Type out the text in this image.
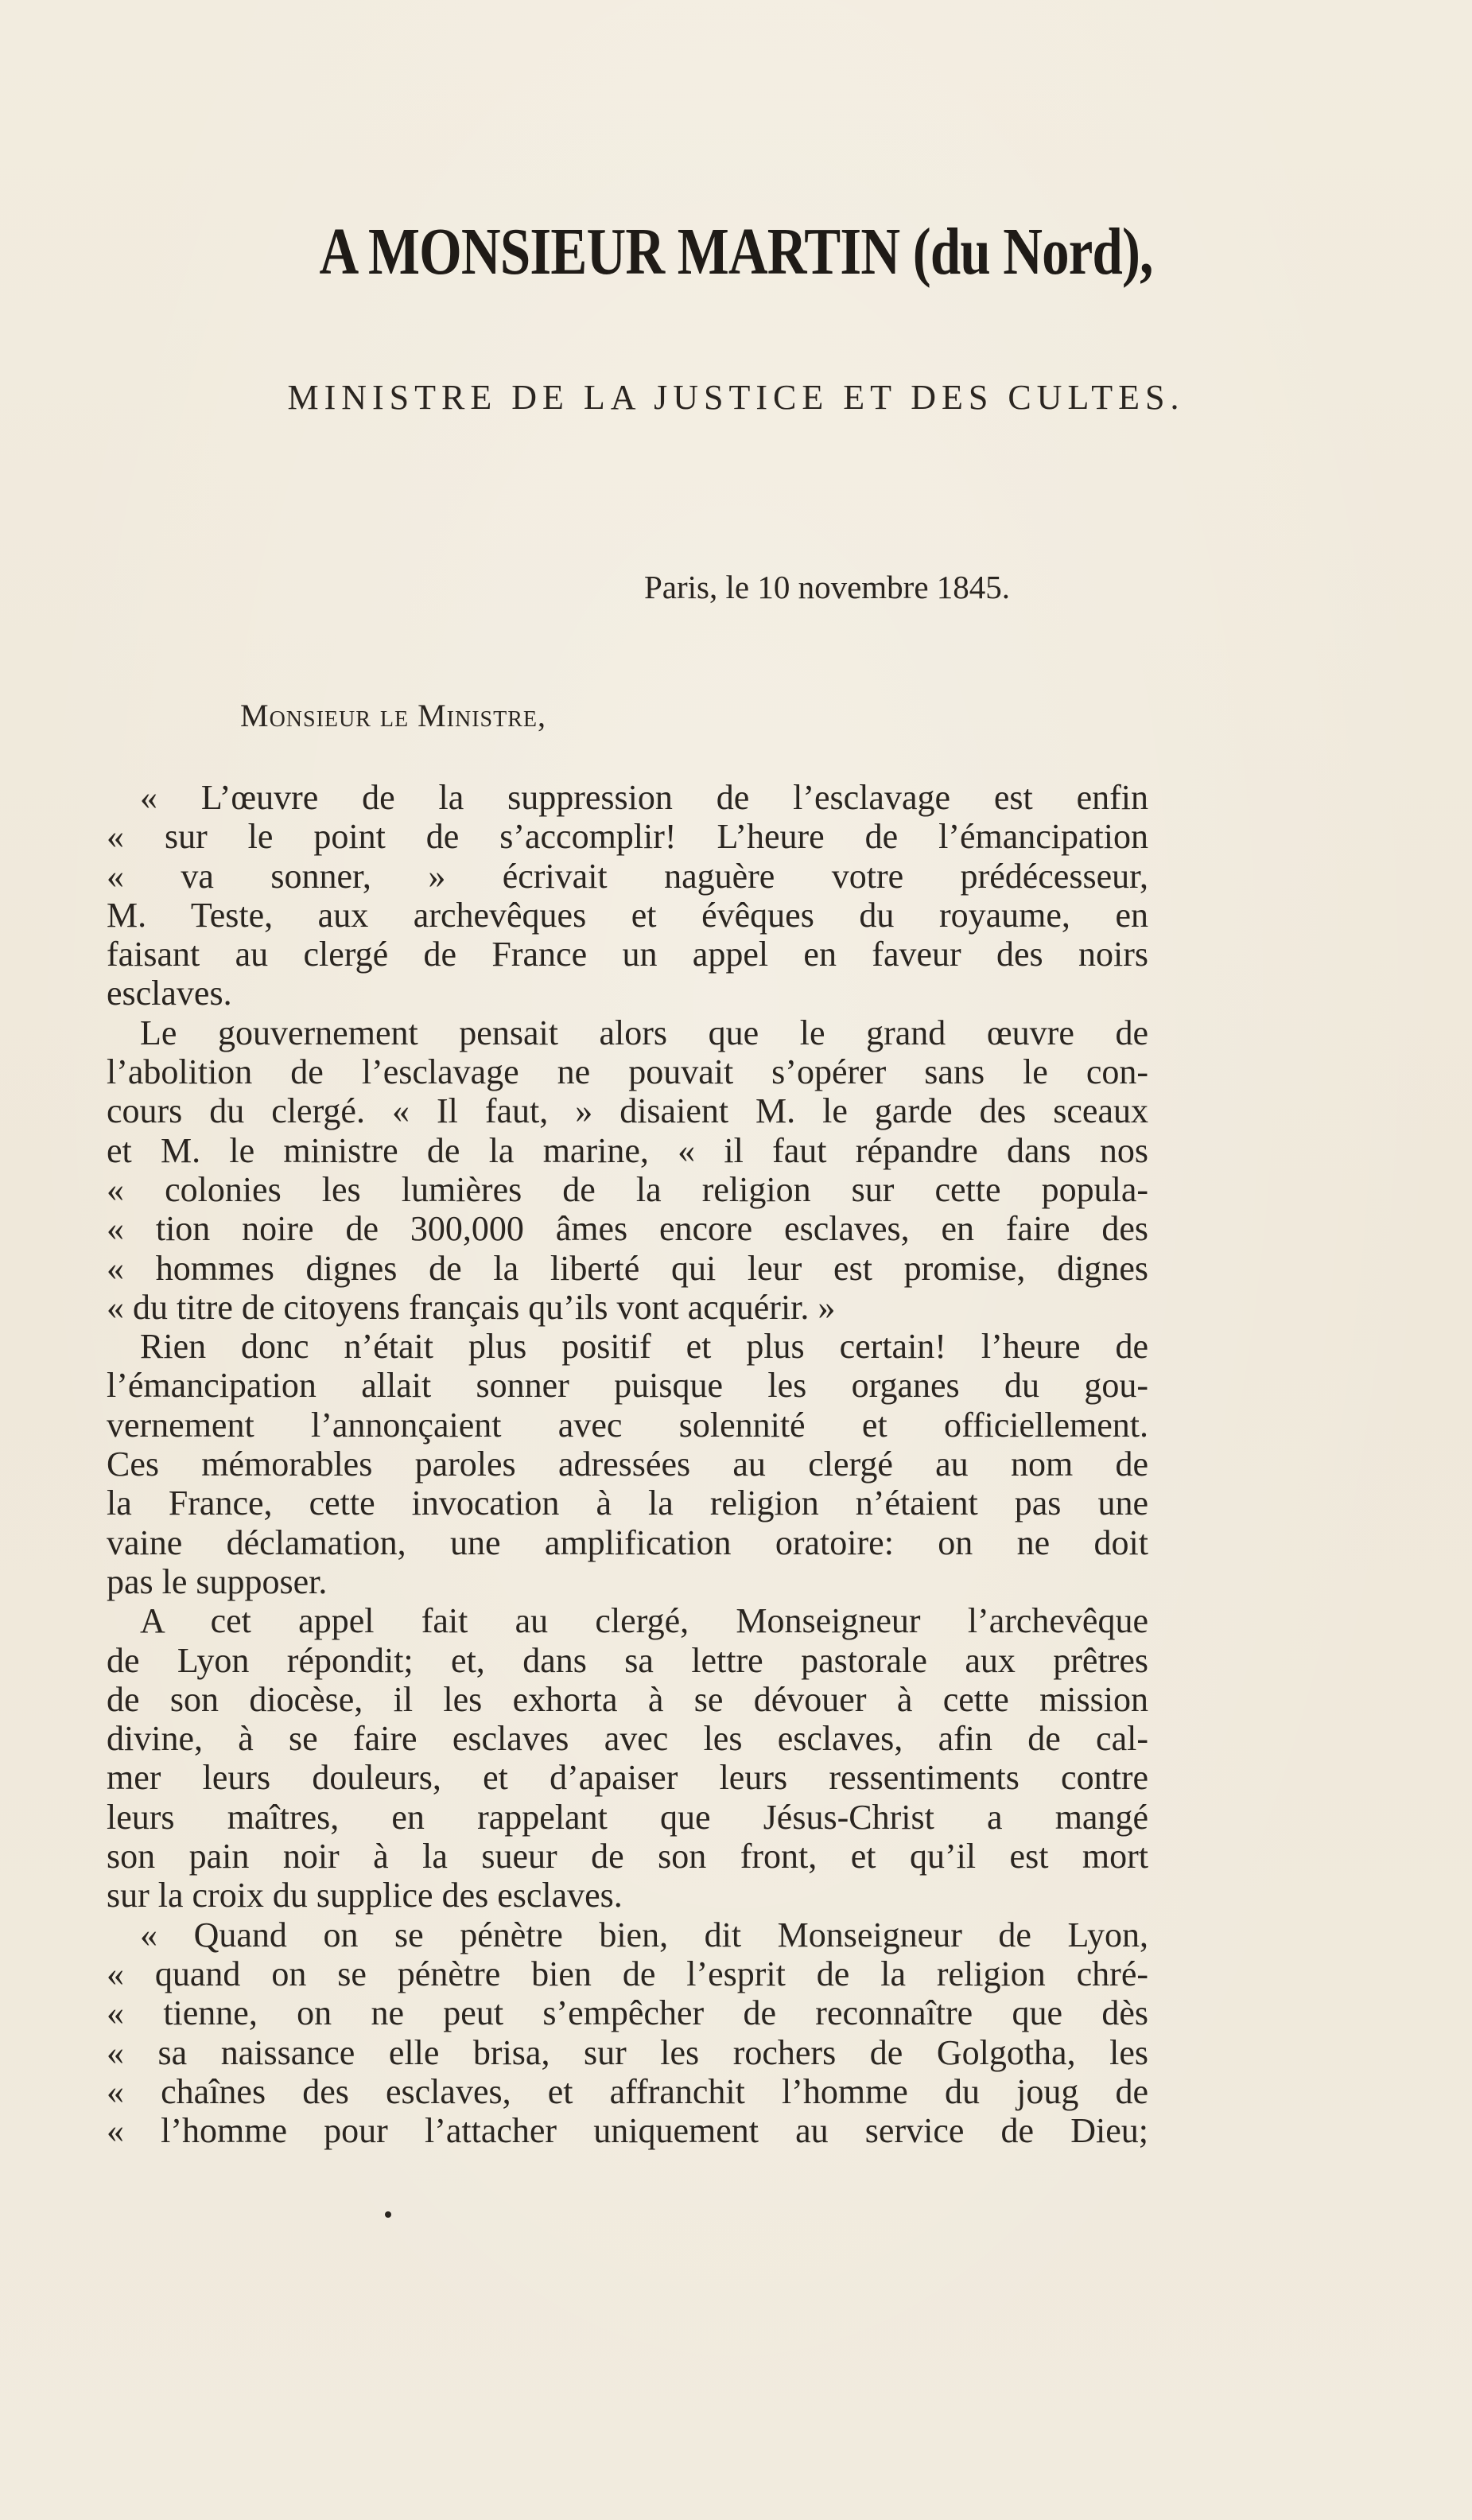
A MONSIEUR MARTIN (du Nord),
MINISTRE DE LA JUSTICE ET DES CULTES.
Paris, le 10 novembre 1845.
Monsieur le Ministre,
« L’œuvre de la suppression de l’esclavage est enfin
« sur le point de s’accomplir! L’heure de l’émancipation
« va sonner, » écrivait naguère votre prédécesseur,
M. Teste, aux archevêques et évêques du royaume, en
faisant au clergé de France un appel en faveur des noirs
esclaves.
Le gouvernement pensait alors que le grand œuvre de
l’abolition de l’esclavage ne pouvait s’opérer sans le con-
cours du clergé. « Il faut, » disaient M. le garde des sceaux
et M. le ministre de la marine, « il faut répandre dans nos
« colonies les lumières de la religion sur cette popula-
« tion noire de 300,000 âmes encore esclaves, en faire des
« hommes dignes de la liberté qui leur est promise, dignes
« du titre de citoyens français qu’ils vont acquérir. »
Rien donc n’était plus positif et plus certain! l’heure de
l’émancipation allait sonner puisque les organes du gou-
vernement l’annonçaient avec solennité et officiellement.
Ces mémorables paroles adressées au clergé au nom de
la France, cette invocation à la religion n’étaient pas une
vaine déclamation, une amplification oratoire: on ne doit
pas le supposer.
A cet appel fait au clergé, Monseigneur l’archevêque
de Lyon répondit; et, dans sa lettre pastorale aux prêtres
de son diocèse, il les exhorta à se dévouer à cette mission
divine, à se faire esclaves avec les esclaves, afin de cal-
mer leurs douleurs, et d’apaiser leurs ressentiments contre
leurs maîtres, en rappelant que Jésus-Christ a mangé
son pain noir à la sueur de son front, et qu’il est mort
sur la croix du supplice des esclaves.
« Quand on se pénètre bien, dit Monseigneur de Lyon,
« quand on se pénètre bien de l’esprit de la religion chré-
« tienne, on ne peut s’empêcher de reconnaître que dès
« sa naissance elle brisa, sur les rochers de Golgotha, les
« chaînes des esclaves, et affranchit l’homme du joug de
« l’homme pour l’attacher uniquement au service de Dieu;
